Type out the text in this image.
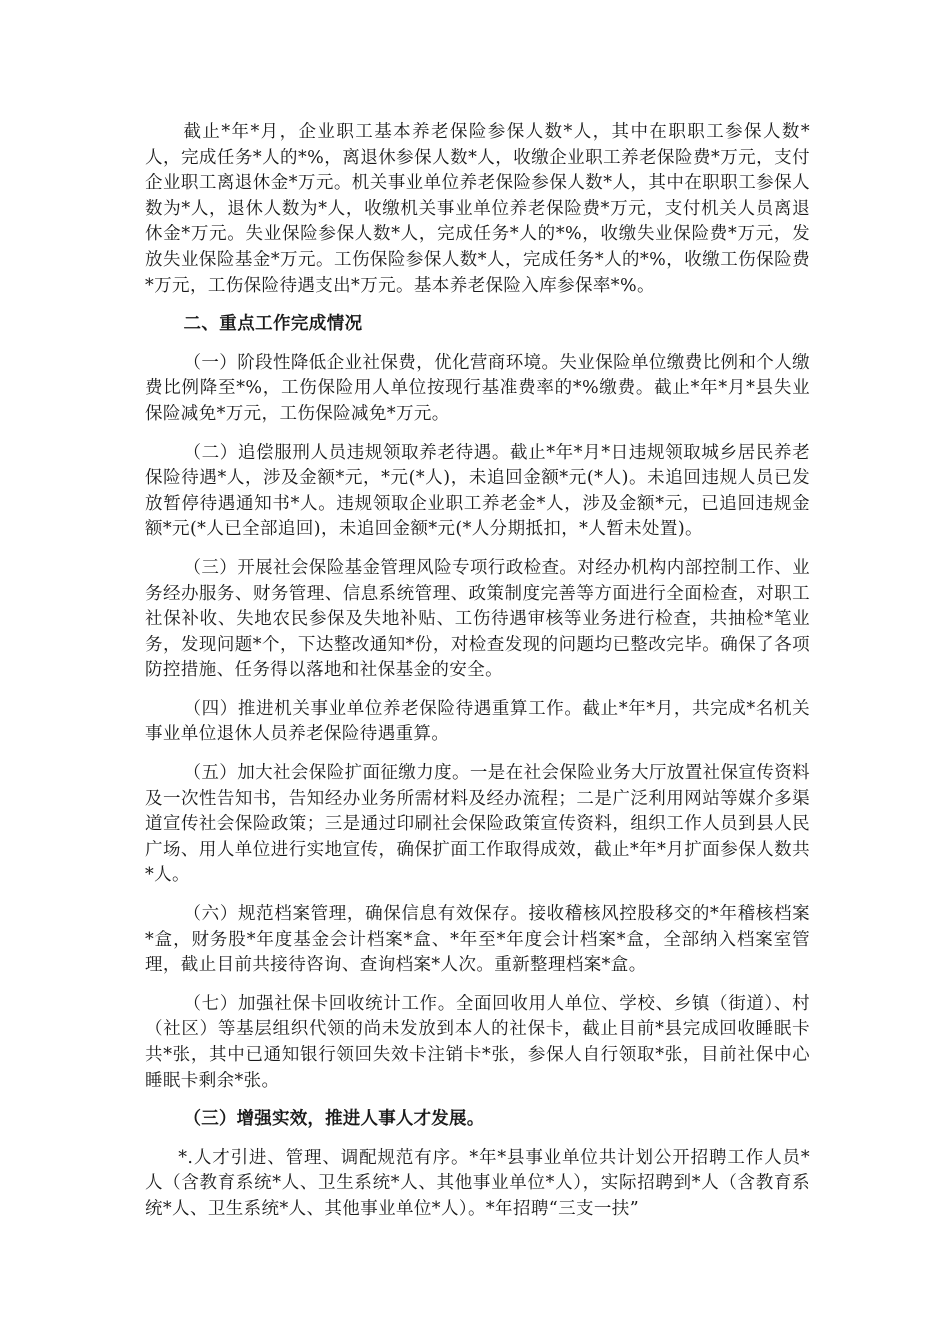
截止*年*月，企业职工基本养老保险参保人数*人，其中在职职工参保人数*人，完成任务*人的*%，离退休参保人数*人，收缴企业职工养老保险费*万元，支付企业职工离退休金*万元。机关事业单位养老保险参保人数*人，其中在职职工参保人数为*人，退休人数为*人，收缴机关事业单位养老保险费*万元，支付机关人员离退休金*万元。失业保险参保人数*人，完成任务*人的*%，收缴失业保险费*万元，发放失业保险基金*万元。工伤保险参保人数*人，完成任务*人的*%，收缴工伤保险费*万元，工伤保险待遇支出*万元。基本养老保险入库参保率*%。

二、重点工作完成情况

（一）阶段性降低企业社保费，优化营商环境。失业保险单位缴费比例和个人缴费比例降至*%，工伤保险用人单位按现行基准费率的*%缴费。截止*年*月*县失业保险减免*万元，工伤保险减免*万元。

（二）追偿服刑人员违规领取养老待遇。截止*年*月*日违规领取城乡居民养老保险待遇*人，涉及金额*元，*元(*人)，未追回金额*元(*人)。未追回违规人员已发放暂停待遇通知书*人。违规领取企业职工养老金*人，涉及金额*元，已追回违规金额*元(*人已全部追回)，未追回金额*元(*人分期抵扣，*人暂未处置)。

（三）开展社会保险基金管理风险专项行政检查。对经办机构内部控制工作、业务经办服务、财务管理、信息系统管理、政策制度完善等方面进行全面检查，对职工社保补收、失地农民参保及失地补贴、工伤待遇审核等业务进行检查，共抽检*笔业务，发现问题*个，下达整改通知*份，对检查发现的问题均已整改完毕。确保了各项防控措施、任务得以落地和社保基金的安全。

（四）推进机关事业单位养老保险待遇重算工作。截止*年*月，共完成*名机关事业单位退休人员养老保险待遇重算。

（五）加大社会保险扩面征缴力度。一是在社会保险业务大厅放置社保宣传资料及一次性告知书，告知经办业务所需材料及经办流程；二是广泛利用网站等媒介多渠道宣传社会保险政策；三是通过印刷社会保险政策宣传资料，组织工作人员到县人民广场、用人单位进行实地宣传，确保扩面工作取得成效，截止*年*月扩面参保人数共*人。

（六）规范档案管理，确保信息有效保存。接收稽核风控股移交的*年稽核档案*盒，财务股*年度基金会计档案*盒、*年至*年度会计档案*盒，全部纳入档案室管理，截止目前共接待咨询、查询档案*人次。重新整理档案*盒。

（七）加强社保卡回收统计工作。全面回收用人单位、学校、乡镇（街道）、村（社区）等基层组织代领的尚未发放到本人的社保卡，截止目前*县完成回收睡眠卡共*张，其中已通知银行领回失效卡注销卡*张，参保人自行领取*张，目前社保中心睡眠卡剩余*张。

（三）增强实效，推进人事人才发展。

*.人才引进、管理、调配规范有序。*年*县事业单位共计划公开招聘工作人员*人（含教育系统*人、卫生系统*人、其他事业单位*人），实际招聘到*人（含教育系统*人、卫生系统*人、其他事业单位*人）。*年招聘“三支一扶”
